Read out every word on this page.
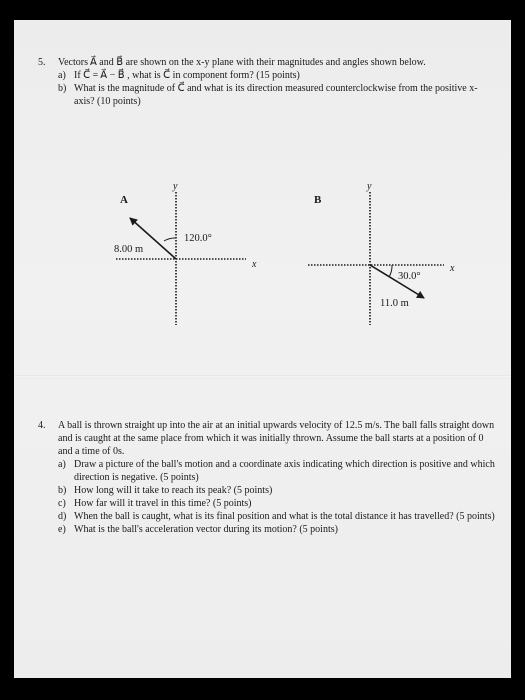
5. Vectors A⃗ and B⃗ are shown on the x-y plane with their magnitudes and angles shown below.
a) If C⃗ = A⃗ − B⃗ , what is C⃗ in component form? (15 points)
b) What is the magnitude of C⃗ and what is its direction measured counterclockwise from the positive x-axis? (10 points)
y
x
A⃗
120.0°
8.00 m
y
x
B⃗
30.0°
11.0 m
4. A ball is thrown straight up into the air at an initial upwards velocity of 12.5 m/s. The ball falls straight down and is caught at the same place from which it was initially thrown. Assume the ball starts at a position of 0 and a time of 0s.
a) Draw a picture of the ball's motion and a coordinate axis indicating which direction is positive and which direction is negative. (5 points)
b) How long will it take to reach its peak? (5 points)
c) How far will it travel in this time? (5 points)
d) When the ball is caught, what is its final position and what is the total distance it has travelled? (5 points)
e) What is the ball's acceleration vector during its motion? (5 points)
